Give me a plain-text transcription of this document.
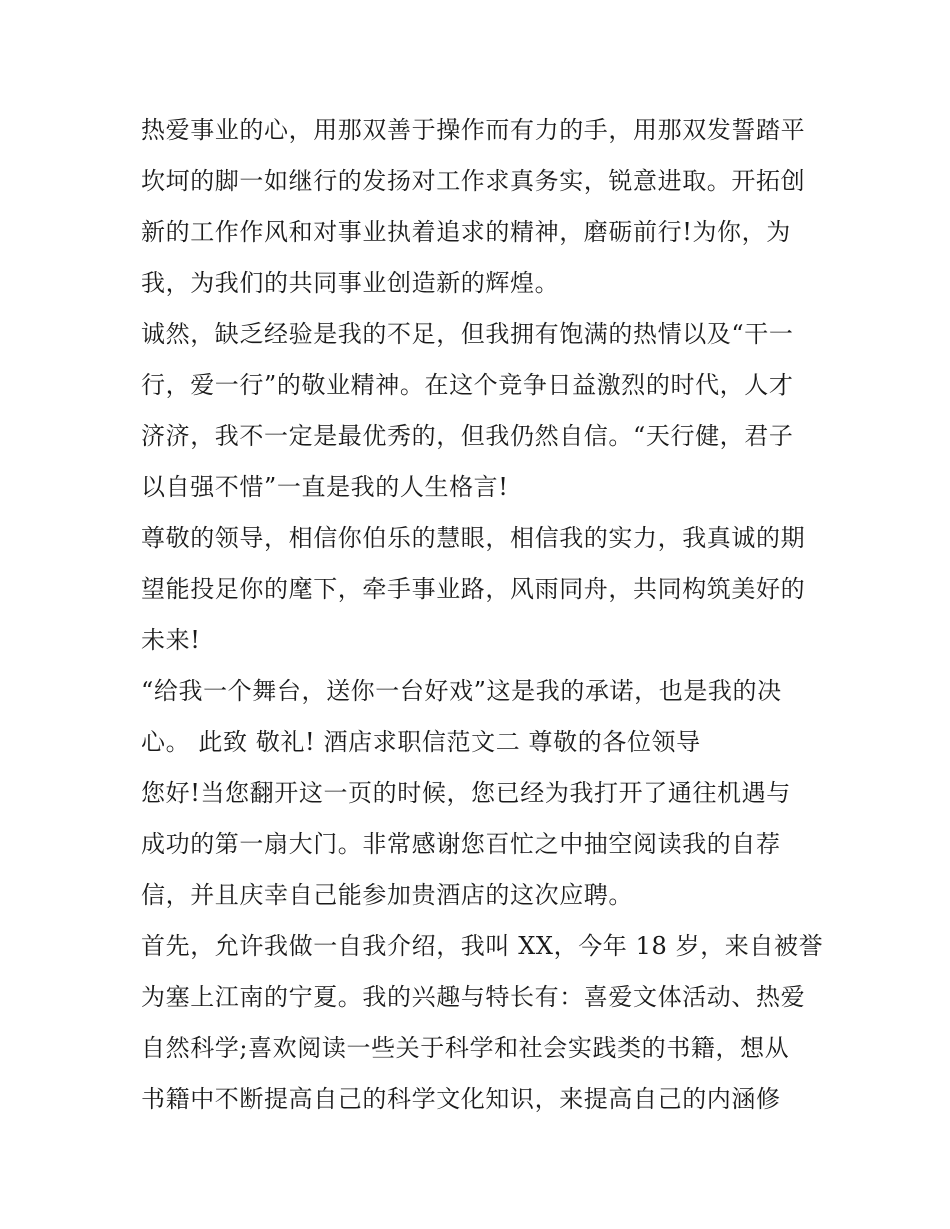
热爱事业的心，用那双善于操作而有力的手，用那双发誓踏平
坎坷的脚一如继行的发扬对工作求真务实，锐意进取。开拓创
新的工作作风和对事业执着追求的精神，磨砺前行!为你，为
我，为我们的共同事业创造新的辉煌。
诚然，缺乏经验是我的不足，但我拥有饱满的热情以及“干一
行，爱一行”的敬业精神。在这个竞争日益激烈的时代，人才
济济，我不一定是最优秀的，但我仍然自信。“天行健，君子
以自强不惜”一直是我的人生格言!
尊敬的领导，相信你伯乐的慧眼，相信我的实力，我真诚的期
望能投足你的麾下，牵手事业路，风雨同舟，共同构筑美好的
未来!
“给我一个舞台，送你一台好戏”这是我的承诺，也是我的决
心。 此致 敬礼! 酒店求职信范文二 尊敬的各位领导
您好!当您翻开这一页的时候，您已经为我打开了通往机遇与
成功的第一扇大门。非常感谢您百忙之中抽空阅读我的自荐
信，并且庆幸自己能参加贵酒店的这次应聘。
首先，允许我做一自我介绍，我叫 XX，今年 18 岁，来自被誉
为塞上江南的宁夏。我的兴趣与特长有：喜爱文体活动、热爱
自然科学;喜欢阅读一些关于科学和社会实践类的书籍，想从
书籍中不断提高自己的科学文化知识，来提高自己的内涵修
